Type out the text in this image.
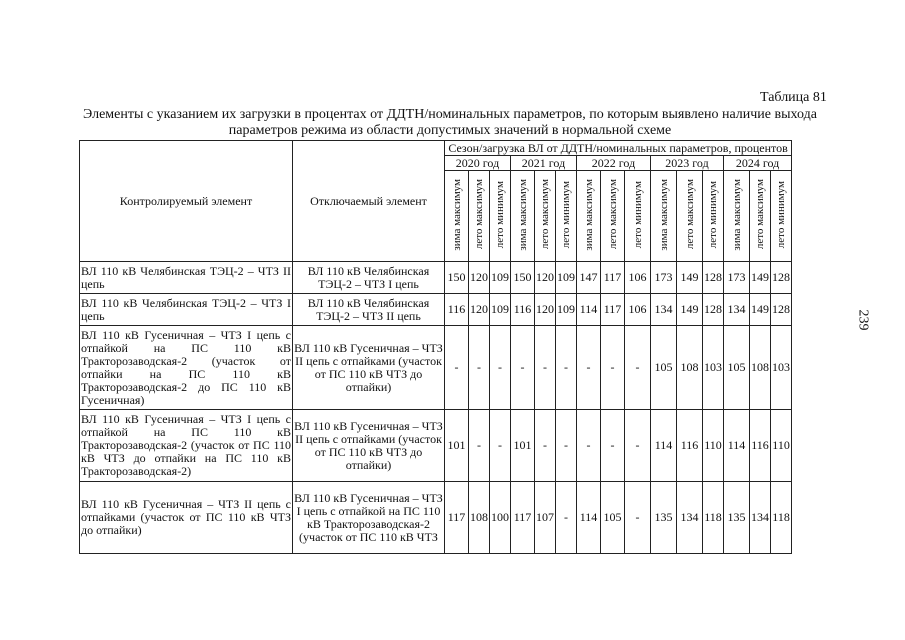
Таблица 81
Элементы с указанием их загрузки в процентах от ДДТН/номинальных параметров, по которым выявлено наличие выхода параметров режима из области допустимых значений в нормальной схеме
239
Контролируемый элемент	Отключаемый элемент	Сезон/загрузка ВЛ от ДДТН/номинальных параметров, процентов														
		2020 год			2021 год			2022 год			2023 год			2024 год		
		зима максимум	лето максимум	лето минимум	зима максимум	лето максимум	лето минимум	зима максимум	лето максимум	лето минимум	зима максимум	лето максимум	лето минимум	зима максимум	лето максимум	лето минимум
ВЛ 110 кВ Челябинская ТЭЦ-2 – ЧТЗ II цепь	ВЛ 110 кВ Челябинская ТЭЦ-2 – ЧТЗ I цепь	150	120	109	150	120	109	147	117	106	173	149	128	173	149	128
ВЛ 110 кВ Челябинская ТЭЦ-2 – ЧТЗ I цепь	ВЛ 110 кВ Челябинская ТЭЦ-2 – ЧТЗ II цепь	116	120	109	116	120	109	114	117	106	134	149	128	134	149	128
ВЛ 110 кВ Гусеничная – ЧТЗ I цепь с отпайкой на ПС 110 кВ Тракторозаводская-2 (участок от отпайки на ПС 110 кВ Тракторозаводская-2 до ПС 110 кВ Гусеничная)	ВЛ 110 кВ Гусеничная – ЧТЗ II цепь с отпайками (участок от ПС 110 кВ ЧТЗ до отпайки)	-	-	-	-	-	-	-	-	-	105	108	103	105	108	103
ВЛ 110 кВ Гусеничная – ЧТЗ I цепь с отпайкой на ПС 110 кВ Тракторозаводская-2 (участок от ПС 110 кВ ЧТЗ до отпайки на ПС 110 кВ Тракторозаводская-2)	ВЛ 110 кВ Гусеничная – ЧТЗ II цепь с отпайками (участок от ПС 110 кВ ЧТЗ до отпайки)	101	-	-	101	-	-	-	-	-	114	116	110	114	116	110
ВЛ 110 кВ Гусеничная – ЧТЗ II цепь с отпайками (участок от ПС 110 кВ ЧТЗ до отпайки)	ВЛ 110 кВ Гусеничная – ЧТЗ I цепь с отпайкой на ПС 110 кВ Тракторозаводская-2 (участок от ПС 110 кВ ЧТЗ	117	108	100	117	107	-	114	105	-	135	134	118	135	134	118
